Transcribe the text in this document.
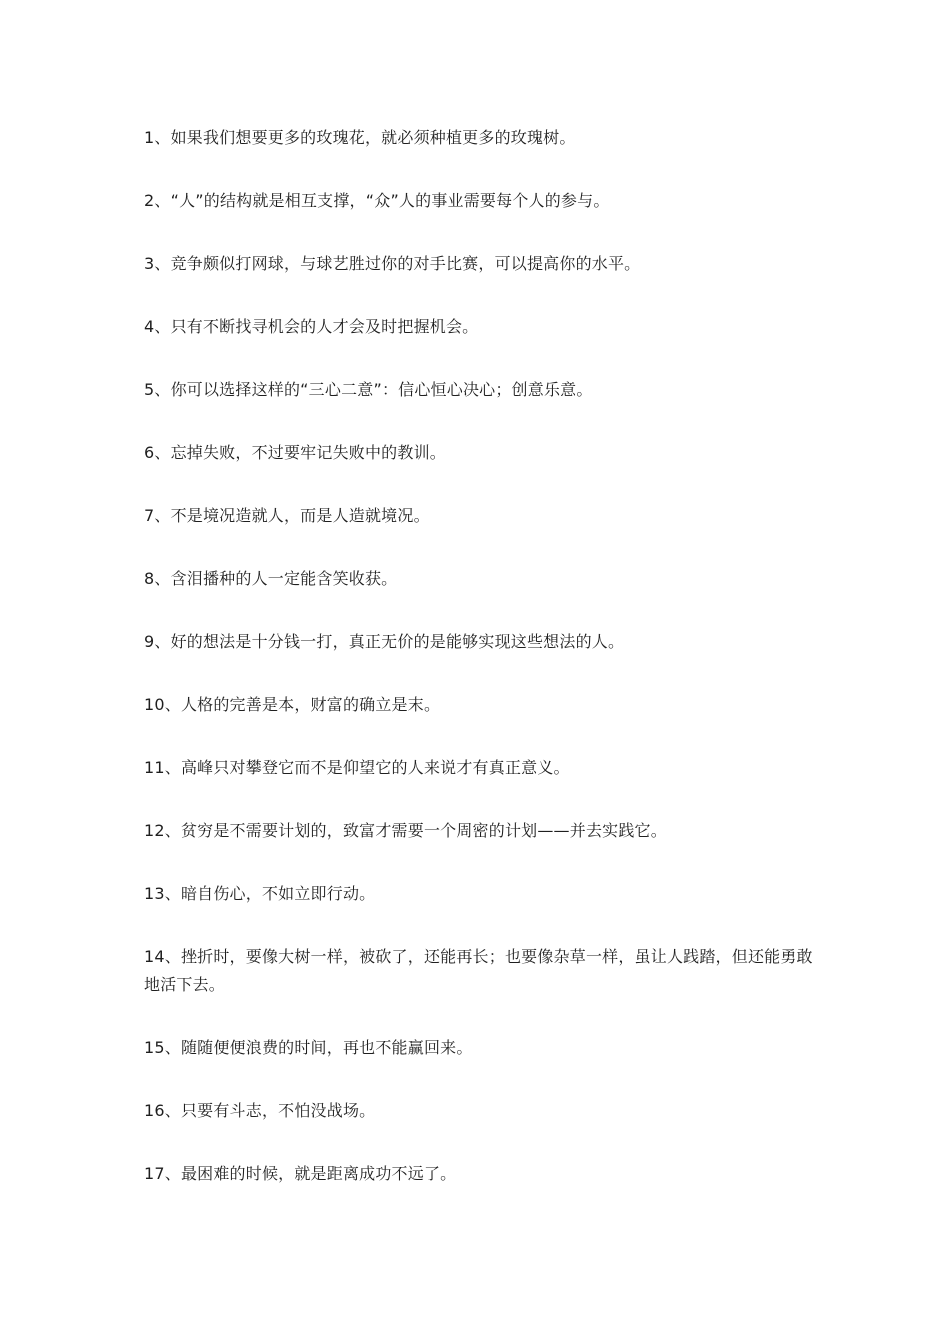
1、如果我们想要更多的玫瑰花，就必须种植更多的玫瑰树。

2、“人”的结构就是相互支撑，“众”人的事业需要每个人的参与。

3、竞争颇似打网球，与球艺胜过你的对手比赛，可以提高你的水平。

4、只有不断找寻机会的人才会及时把握机会。

5、你可以选择这样的“三心二意”：信心恒心决心；创意乐意。

6、忘掉失败，不过要牢记失败中的教训。

7、不是境况造就人，而是人造就境况。

8、含泪播种的人一定能含笑收获。

9、好的想法是十分钱一打，真正无价的是能够实现这些想法的人。

10、人格的完善是本，财富的确立是末。

11、高峰只对攀登它而不是仰望它的人来说才有真正意义。

12、贫穷是不需要计划的，致富才需要一个周密的计划——并去实践它。

13、暗自伤心，不如立即行动。

14、挫折时，要像大树一样，被砍了，还能再长；也要像杂草一样，虽让人践踏，但还能勇敢地活下去。

15、随随便便浪费的时间，再也不能赢回来。

16、只要有斗志，不怕没战场。

17、最困难的时候，就是距离成功不远了。
